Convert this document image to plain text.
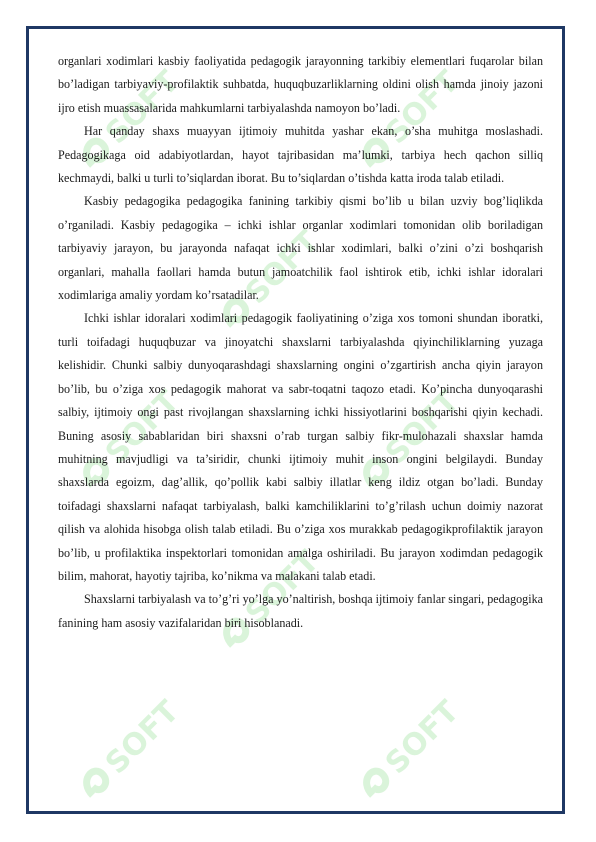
SOFT	SOFT
SOFT
SOFT	SOFT
SOFT
SOFT	SOFT

organlari xodimlari kasbiy faoliyatida pedagogik jarayonning tarkibiy elementlari fuqarolar bilan bo’ladigan tarbiyaviy-profilaktik suhbatda, huquqbuzarliklarning oldini olish hamda jinoiy jazoni ijro etish muassasalarida mahkumlarni tarbiyalashda namoyon bo’ladi.

Har qanday shaxs muayyan ijtimoiy muhitda yashar ekan, o’sha muhitga moslashadi. Pedagogikaga oid adabiyotlardan, hayot tajribasidan ma’lumki, tarbiya hech qachon silliq kechmaydi, balki u turli to’siqlardan iborat. Bu to’siqlardan o’tishda katta iroda talab etiladi.

Kasbiy pedagogika pedagogika fanining tarkibiy qismi bo’lib u bilan uzviy bog’liqlikda o’rganiladi. Kasbiy pedagogika – ichki ishlar organlar xodimlari tomonidan olib boriladigan tarbiyaviy jarayon, bu jarayonda nafaqat ichki ishlar xodimlari, balki o’zini o’zi boshqarish organlari, mahalla faollari hamda butun jamoatchilik faol ishtirok etib, ichki ishlar idoralari xodimlariga amaliy yordam ko’rsatadilar.

Ichki ishlar idoralari xodimlari pedagogik faoliyatining o’ziga xos tomoni shundan iboratki, turli toifadagi huquqbuzar va jinoyatchi shaxslarni tarbiyalashda qiyinchiliklarning yuzaga kelishidir. Chunki salbiy dunyoqarashdagi shaxslarning ongini o’zgartirish ancha qiyin jarayon bo’lib, bu o’ziga xos pedagogik mahorat va sabr-toqatni taqozo etadi. Ko’pincha dunyoqarashi salbiy, ijtimoiy ongi past rivojlangan shaxslarning ichki hissiyotlarini boshqarishi qiyin kechadi. Buning asosiy sabablaridan biri shaxsni o’rab turgan salbiy fikr-mulohazali shaxslar hamda muhitning mavjudligi va ta’siridir, chunki ijtimoiy muhit inson ongini belgilaydi. Bunday shaxslarda egoizm, dag’allik, qo’pollik kabi salbiy illatlar keng ildiz otgan bo’ladi. Bunday toifadagi shaxslarni nafaqat tarbiyalash, balki kamchiliklarini to’g’rilash uchun doimiy nazorat qilish va alohida hisobga olish talab etiladi. Bu o’ziga xos murakkab pedagogikprofilaktik jarayon bo’lib, u profilaktika inspektorlari tomonidan amalga oshiriladi. Bu jarayon xodimdan pedagogik bilim, mahorat, hayotiy tajriba, ko’nikma va malakani talab etadi.

Shaxslarni tarbiyalash va to’g’ri yo’lga yo’naltirish, boshqa ijtimoiy fanlar singari, pedagogika fanining ham asosiy vazifalaridan biri hisoblanadi.
